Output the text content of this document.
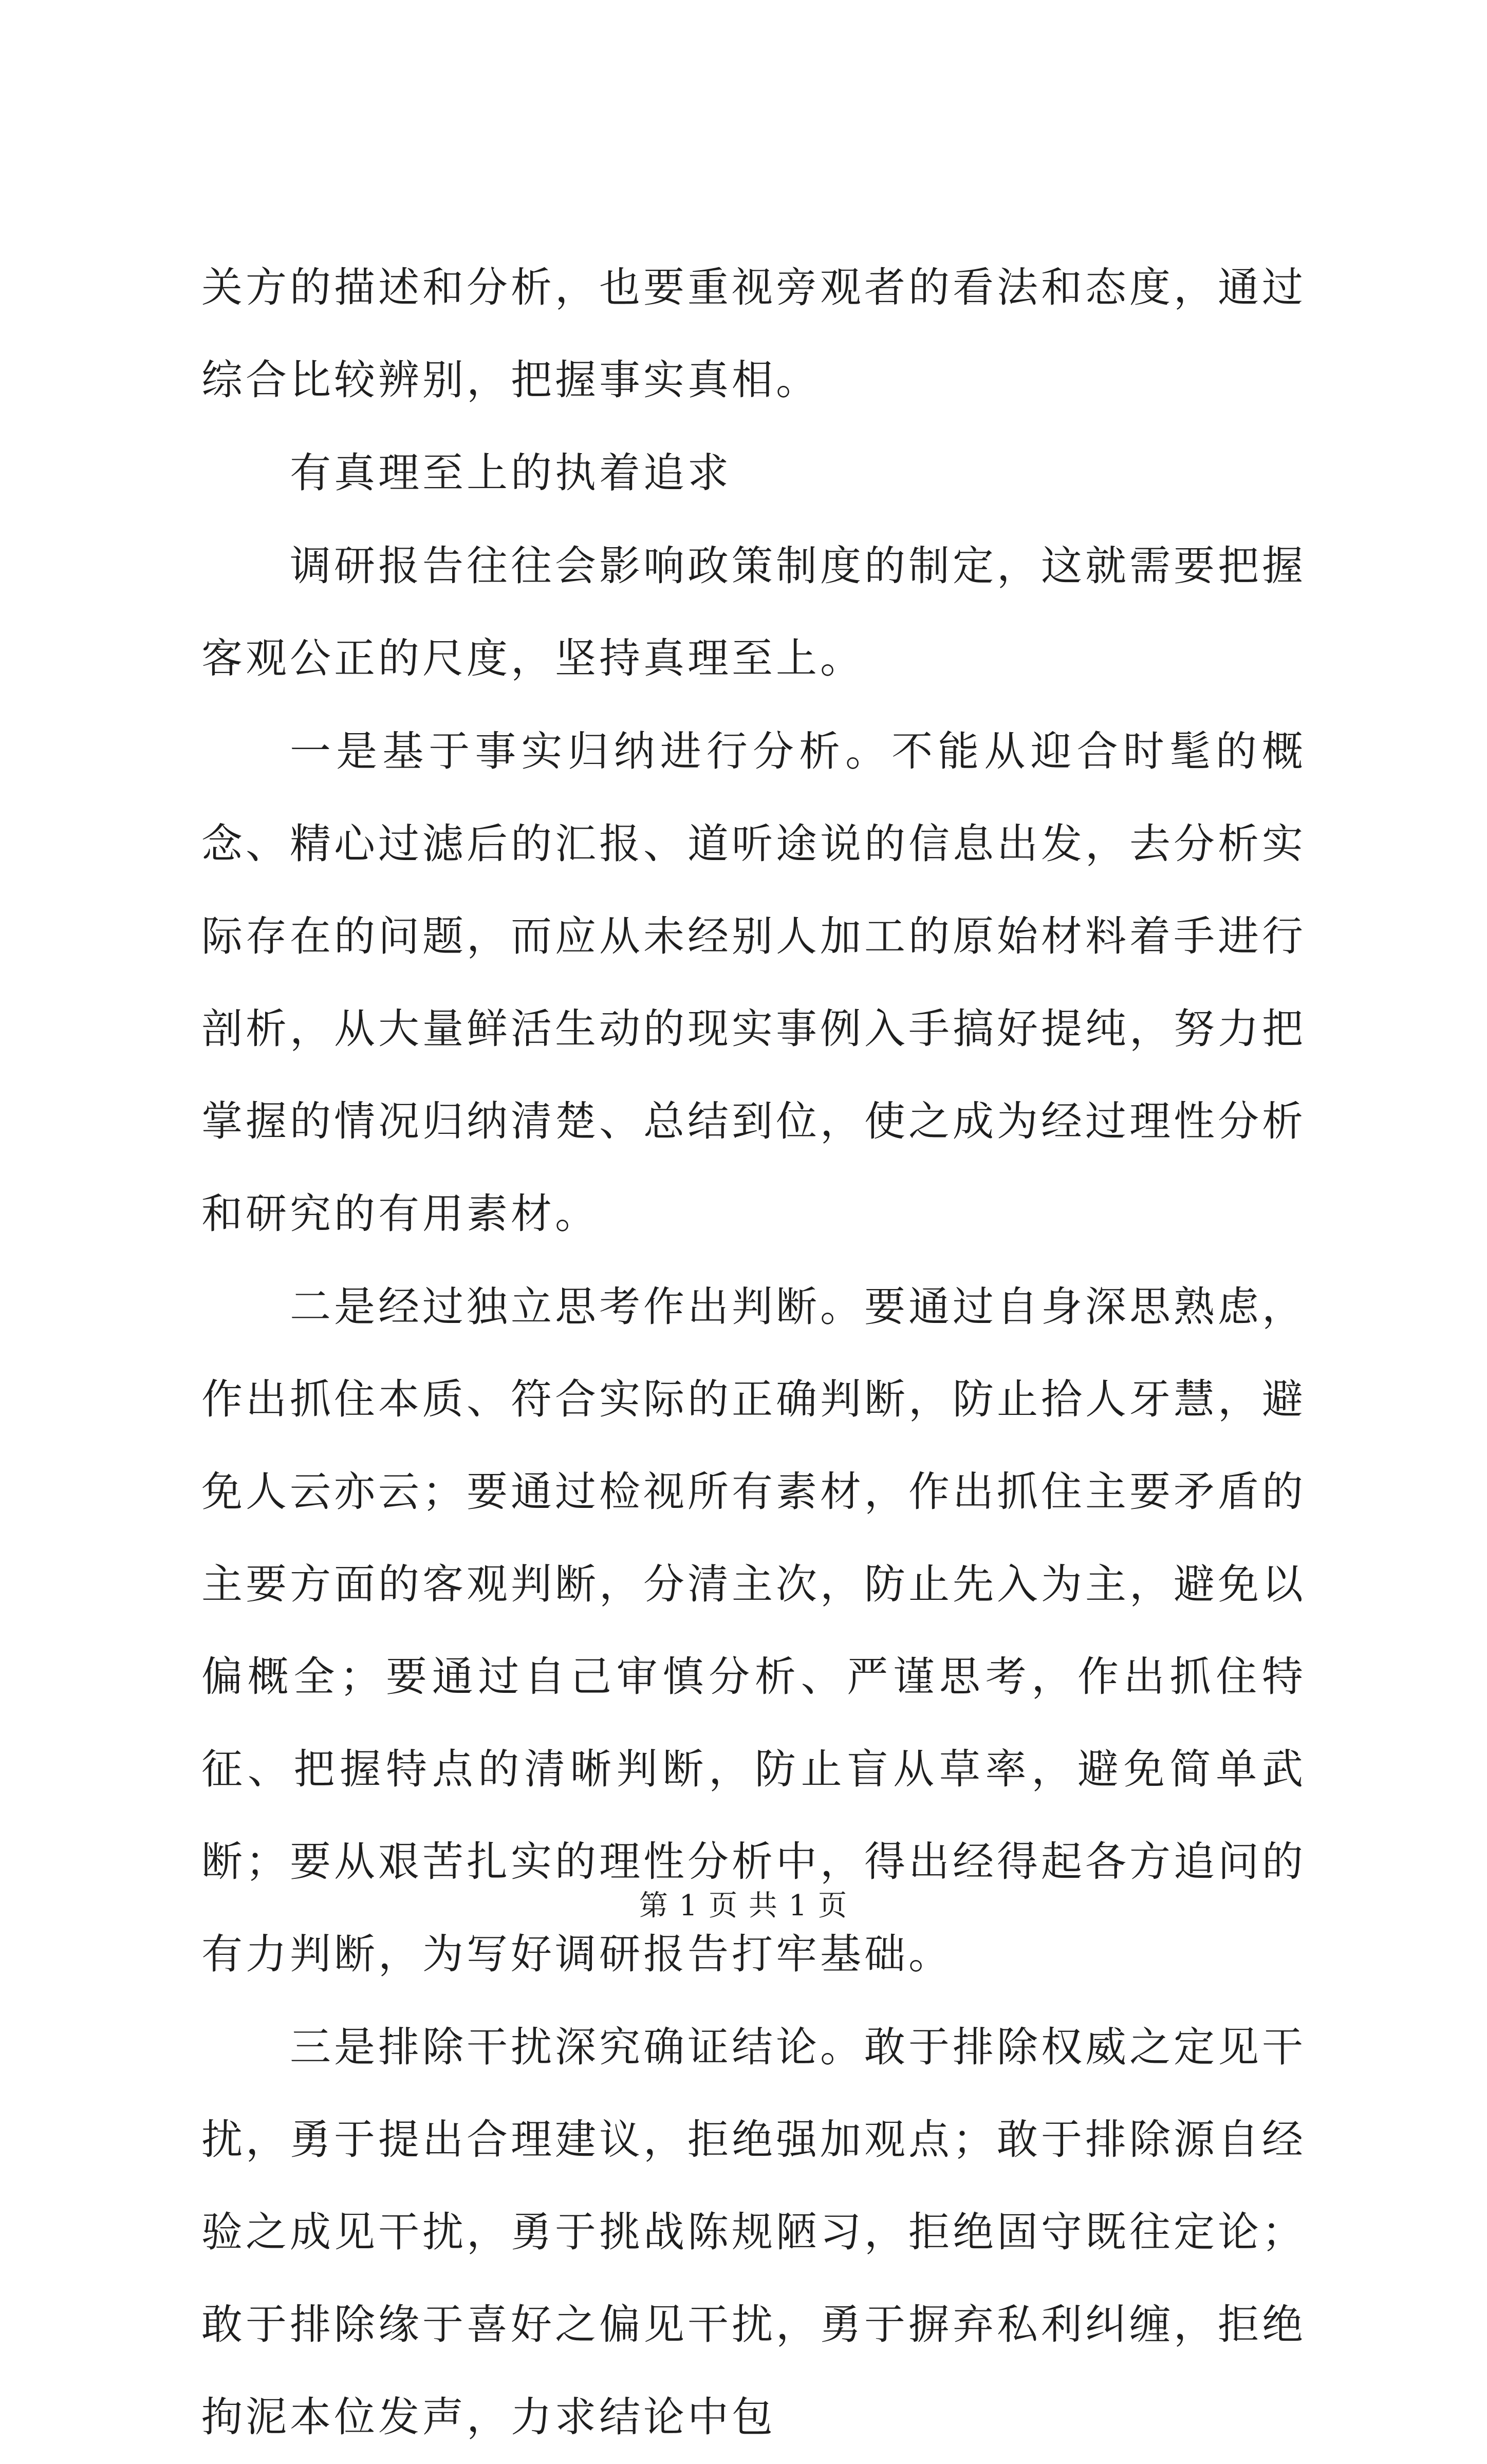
关方的描述和分析，也要重视旁观者的看法和态度，通过综合比较辨别，把握事实真相。

有真理至上的执着追求

调研报告往往会影响政策制度的制定，这就需要把握客观公正的尺度，坚持真理至上。

一是基于事实归纳进行分析。不能从迎合时髦的概念、精心过滤后的汇报、道听途说的信息出发，去分析实际存在的问题，而应从未经别人加工的原始材料着手进行剖析，从大量鲜活生动的现实事例入手搞好提纯，努力把掌握的情况归纳清楚、总结到位，使之成为经过理性分析和研究的有用素材。

二是经过独立思考作出判断。要通过自身深思熟虑，作出抓住本质、符合实际的正确判断，防止拾人牙慧，避免人云亦云；要通过检视所有素材，作出抓住主要矛盾的主要方面的客观判断，分清主次，防止先入为主，避免以偏概全；要通过自己审慎分析、严谨思考，作出抓住特征、把握特点的清晰判断，防止盲从草率，避免简单武断；要从艰苦扎实的理性分析中，得出经得起各方追问的有力判断，为写好调研报告打牢基础。

三是排除干扰深究确证结论。敢于排除权威之定见干扰，勇于提出合理建议，拒绝强加观点；敢于排除源自经验之成见干扰，勇于挑战陈规陋习，拒绝固守既往定论；敢于排除缘于喜好之偏见干扰，勇于摒弃私利纠缠，拒绝拘泥本位发声，力求结论中包

第 1 页 共 1 页
